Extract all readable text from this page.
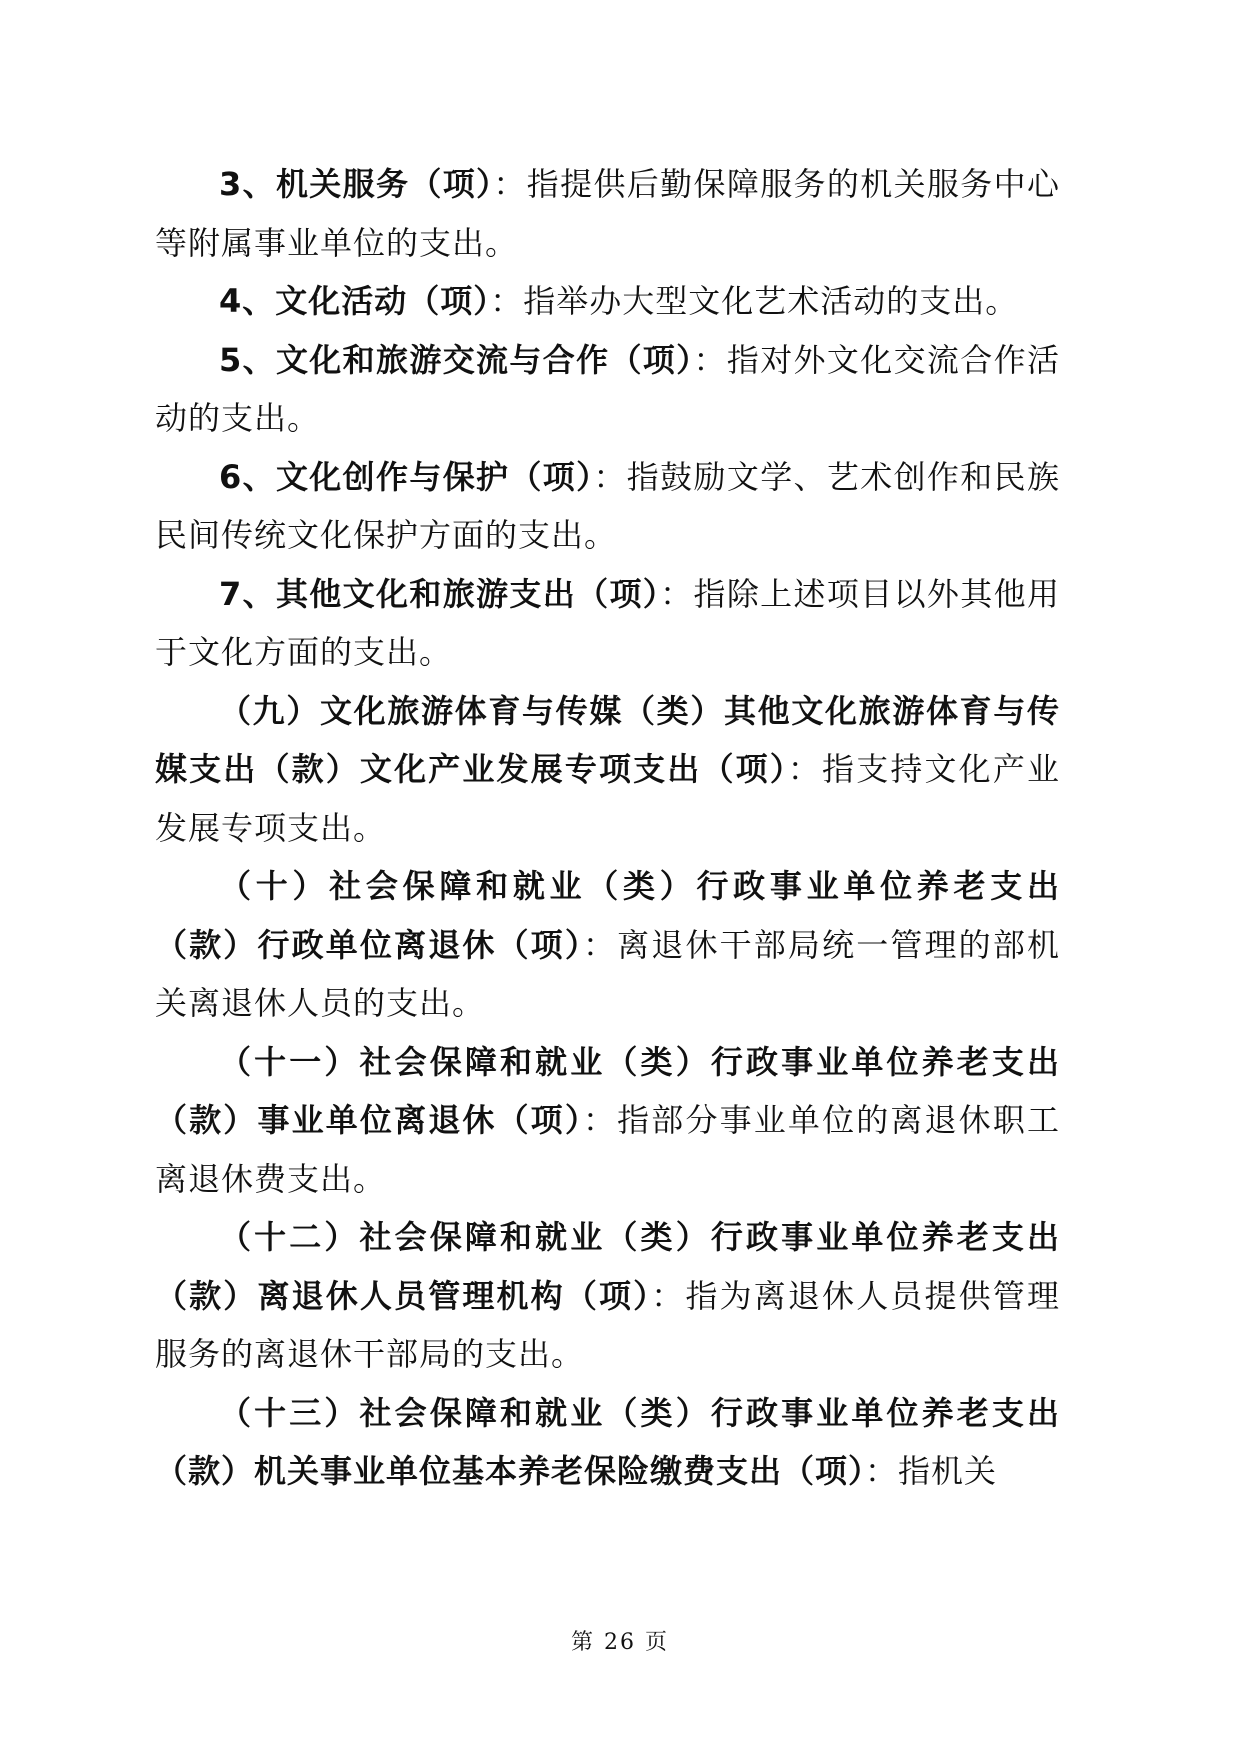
3、机关服务（项）：指提供后勤保障服务的机关服务中心等附属事业单位的支出。

4、文化活动（项）：指举办大型文化艺术活动的支出。

5、文化和旅游交流与合作（项）：指对外文化交流合作活动的支出。

6、文化创作与保护（项）：指鼓励文学、艺术创作和民族民间传统文化保护方面的支出。

7、其他文化和旅游支出（项）：指除上述项目以外其他用于文化方面的支出。

（九）文化旅游体育与传媒（类）其他文化旅游体育与传媒支出（款）文化产业发展专项支出（项）：指支持文化产业发展专项支出。

（十）社会保障和就业（类）行政事业单位养老支出（款）行政单位离退休（项）：离退休干部局统一管理的部机关离退休人员的支出。

（十一）社会保障和就业（类）行政事业单位养老支出（款）事业单位离退休（项）：指部分事业单位的离退休职工离退休费支出。

（十二）社会保障和就业（类）行政事业单位养老支出（款）离退休人员管理机构（项）：指为离退休人员提供管理服务的离退休干部局的支出。

（十三）社会保障和就业（类）行政事业单位养老支出（款）机关事业单位基本养老保险缴费支出（项）：指机关

第 26 页
